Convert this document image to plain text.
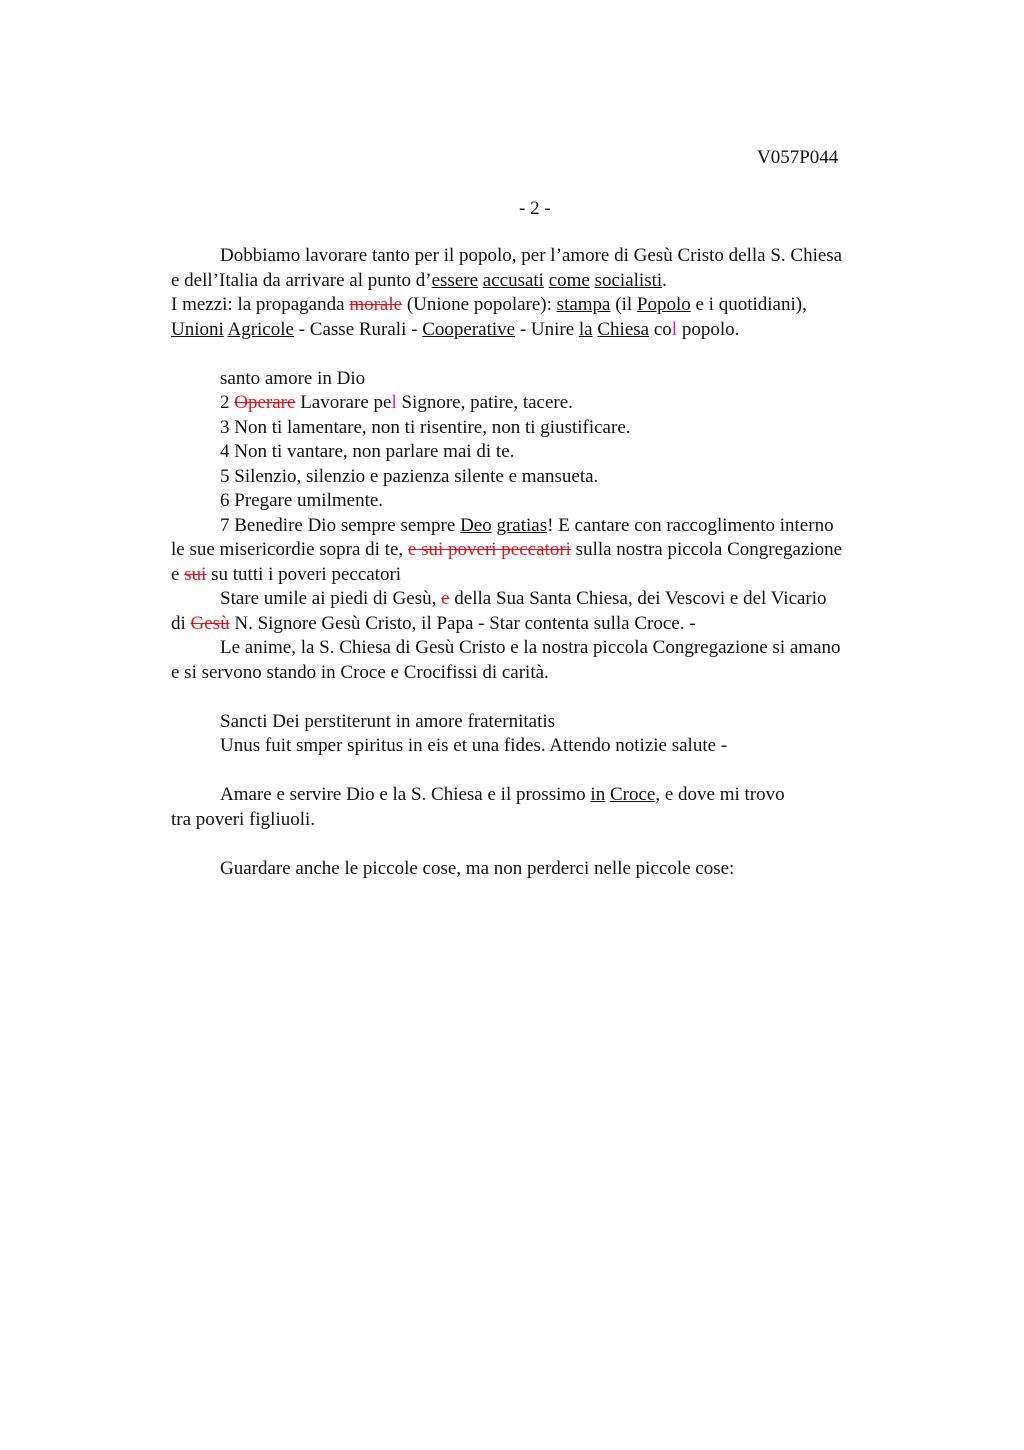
V057P044
- 2 -
Dobbiamo lavorare tanto per il popolo, per l’amore di Gesù Cristo della S. Chiesa
e dell’Italia da arrivare al punto d’essere accusati come socialisti.
I mezzi: la propaganda morale (Unione popolare): stampa (il Popolo e i quotidiani),
Unioni Agricole - Casse Rurali - Cooperative - Unire la Chiesa col popolo.
santo amore in Dio
2 Operare Lavorare pel Signore, patire, tacere.
3 Non ti lamentare, non ti risentire, non ti giustificare.
4 Non ti vantare, non parlare mai di te.
5 Silenzio, silenzio e pazienza silente e mansueta.
6 Pregare umilmente.
7 Benedire Dio sempre sempre Deo gratias! E cantare con raccoglimento interno
le sue misericordie sopra di te, e sui poveri peccatori sulla nostra piccola Congregazione
e sui su tutti i poveri peccatori
Stare umile ai piedi di Gesù, e della Sua Santa Chiesa, dei Vescovi e del Vicario
di Gesù N. Signore Gesù Cristo, il Papa - Star contenta sulla Croce. -
Le anime, la S. Chiesa di Gesù Cristo e la nostra piccola Congregazione si amano
e si servono stando in Croce e Crocifissi di carità.
Sancti Dei perstiterunt in amore fraternitatis
Unus fuit smper spiritus in eis et una fides. Attendo notizie salute -
Amare e servire Dio e la S. Chiesa e il prossimo in Croce, e dove mi trovo
tra poveri figliuoli.
Guardare anche le piccole cose, ma non perderci nelle piccole cose:
